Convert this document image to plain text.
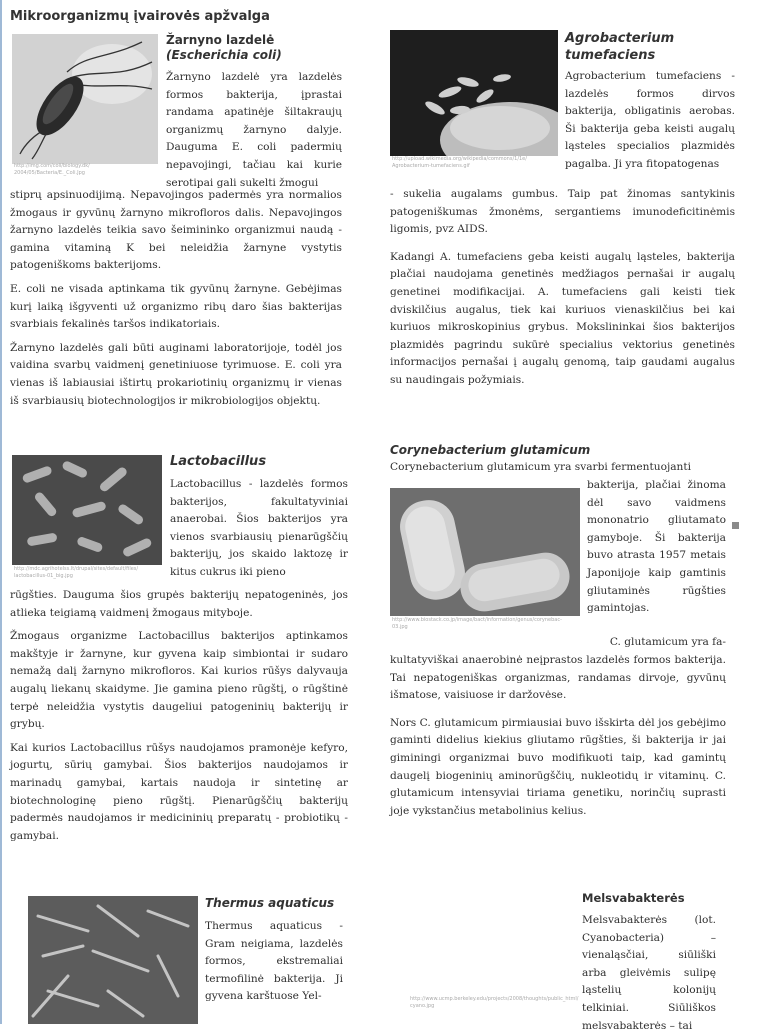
Mikroorganizmų įvairovės apžvalga
http://img.com/coli/biology.dk/ 2004/05/Bacteria/E._Coli.Jpg
Žarnyno lazdelė
(Escherichia coli)
Žarnyno lazdelė yra lazdelės formos bakterija, įprastai randama apatinėje šiltakraujų organizmų žarnyno dalyje. Dauguma E. coli padermių nepavojingi, tačiau kai kurie serotipai gali sukelti žmogui

stiprų apsinuodijimą. Nepavojingos padermės yra normalios žmogaus ir gyvūnų žarnyno mikrofloros dalis. Nepavojingos žarnyno lazdelės teikia savo šeimininko organizmui naudą - gamina vitaminą K bei neleidžia žarnyne vystytis patogeniškoms bakterijoms.

E. coli ne visada aptinkama tik gyvūnų žarnyne. Gebėjimas kurį laiką išgyventi už organizmo ribų daro šias bakterijas svarbiais fekalinės taršos indikatoriais.

Žarnyno lazdelės gali būti auginami laboratorijoje, todėl jos vaidina svarbų vaidmenį genetiniuose tyrimuose. E. coli yra vienas iš labiausiai ištirtų prokariotinių organizmų ir vienas iš svarbiausių biotechnologijos ir mikrobiologijos objektų.

http://upload.wikimedia.org/wikipedia/commons/1/1e/ Agrobacterium-tumefaciens.gif
Agrobacterium
tumefaciens
Agrobacterium tumefaciens - lazdelės formos dirvos bakterija, obligatinis aerobas. Ši bakterija geba keisti augalų ląsteles specialios plazmidės pagalba. Ji yra fitopatogenas

- sukelia augalams gumbus. Taip pat žinomas santykinis patogeniškumas žmonėms, sergantiems imunodeficitinėmis ligomis, pvz AIDS.

Kadangi A. tumefaciens geba keisti augalų ląsteles, bakterija plačiai naudojama genetinės medžiagos pernašai ir augalų genetinei modifikacijai. A. tumefaciens gali keisti tiek dviskilčius augalus, tiek kai kuriuos vienaskilčius bei kai kuriuos mikroskopinius grybus. Mokslininkai šios bakterijos plazmidės pagrindu sukūrė specialius vektorius genetinės informacijos pernašai į augalų genomą, taip gaudami augalus su naudingais požymiais.

http://mdc.agrihotelss.lt/drupal/sites/default/files/ lactobacillus-01_big.jpg
Lactobacillus
Lactobacillus - lazdelės formos bakterijos, fakultatyviniai anaerobai. Šios bakterijos yra vienos svarbiausių pienarūgščių bakterijų, jos skaido laktozę ir kitus cukrus iki pieno

rūgšties. Dauguma šios grupės bakterijų nepatogeninės, jos atlieka teigiamą vaidmenį žmogaus mityboje.

Žmogaus organizme Lactobacillus bakterijos aptinkamos makštyje ir žarnyne, kur gyvena kaip simbiontai ir sudaro nemažą dalį žarnyno mikrofloros. Kai kurios rūšys dalyvauja augalų liekanų skaidyme. Jie gamina pieno rūgštį, o rūgštinė terpė neleidžia vystytis daugeliui patogeninių bakterijų ir grybų.

Kai kurios Lactobacillus rūšys naudojamos pramonėje kefyro, jogurtų, sūrių gamybai. Šios bakterijos naudojamos ir marinadų gamybai, kartais naudoja ir sintetinę ar biotechnologinę pieno rūgštį. Pienarūgščių bakterijų padermės naudojamos ir medicininių preparatų - probiotikų - gamybai.

Corynebacterium glutamicum
Corynebacterium glutamicum yra svarbi fermentuojanti
http://www.biostack.co.jp/image/bact/information/genus/corynebac- 03.jpg
bakterija, plačiai žinoma dėl savo vaidmens mononatrio gliutamato gamyboje. Ši bakterija buvo atrasta 1957 metais Japonijoje kaip gamtinis gliutaminės rūgšties gamintojas.
C. glutamicum yra fa-

kultatyviškai anaerobinė neįprastos lazdelės formos bakterija. Tai nepatogeniškas organizmas, randamas dirvoje, gyvūnų išmatose, vaisiuose ir daržovėse.

Nors C. glutamicum pirmiausiai buvo išskirta dėl jos gebėjimo gaminti didelius kiekius gliutamo rūgšties, ši bakterija ir jai giminingi organizmai buvo modifikuoti taip, kad gamintų daugelį biogeninių aminorūgščių, nukleotidų ir vitaminų. C. glutamicum intensyviai tiriama genetiku, norinčių suprasti joje vykstančius metabolinius kelius.

Thermus aquaticus
Thermus aquaticus - Gram neigiama, lazdelės formos, ekstremaliai termofilinė bakterija. Ji gyvena karštuose Yel-	http://www.ucmp.berkeley.edu/projects/2008/thoughts/public_html/ cyano.jpg
Melsvabakterės
Melsvabakterės (lot. Cyanobacteria) – vienaląsčiai, siūliški arba gleivėmis sulipę ląstelių kolonijų telkiniai. Siūliškos melsvabakterės – tai
